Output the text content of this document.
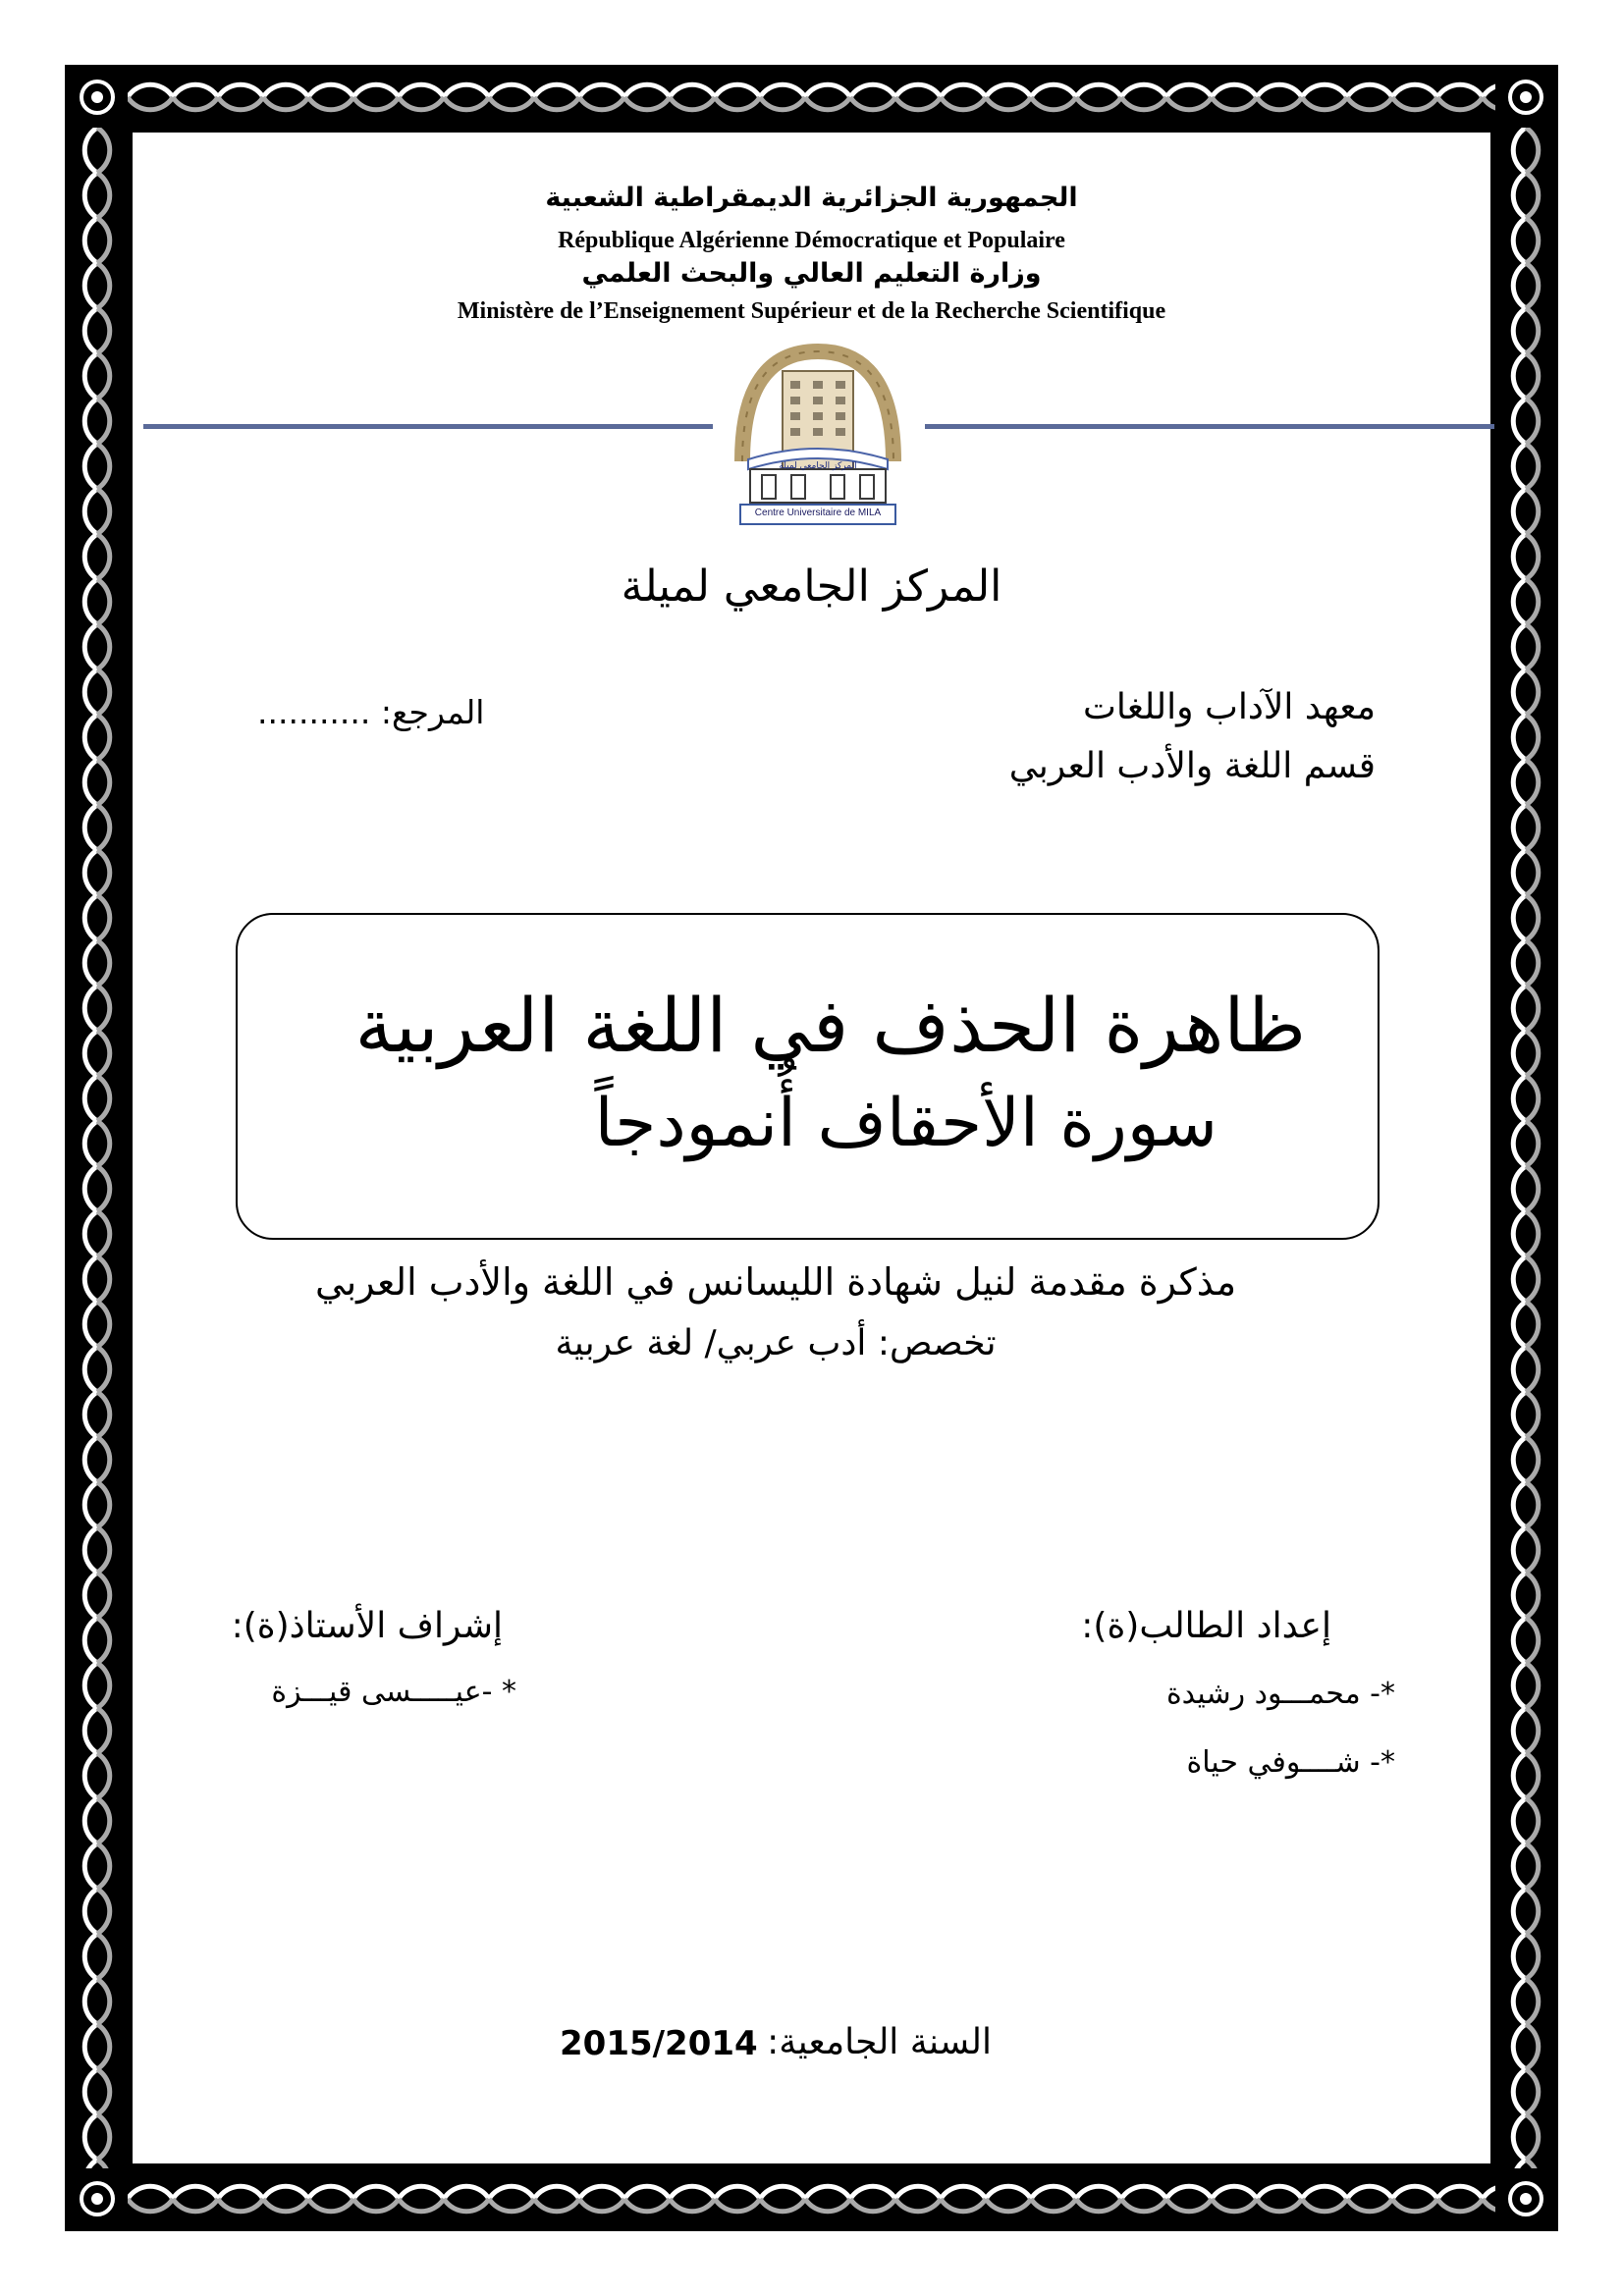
ﺍﻟﺠﻤﻬﻮﺭﻳﺔ ﺍﻟﺠﺰﺍﺋﺮﻳﺔ ﺍﻟﺪﻳﻤﻘﺮﺍﻃﻴﺔ ﺍﻟﺸﻌﺒﻴﺔ
République Algérienne Démocratique et Populaire
ﻭﺯﺍﺭﺓ ﺍﻟﺘﻌﻠﻴﻢ ﺍﻟﻌﺎﻟﻲ ﻭﺍﻟﺒﺤﺚ ﺍﻟﻌﻠﻤﻲ
Ministère de l’Enseignement Supérieur et de la Recherche Scientifique
Centre Universitaire de MILA
المركز الجامعي لميلة
المركز الجامعي لميلة
معهد الآداب واللغات
قسم اللغة والأدب العربي
المرجع: ...........
ظاهرة الحذف في اللغة العربية
سورة الأحقاف أُنمودجاً
مذكرة مقدمة لنيل شهادة الليسانس في اللغة والأدب العربي
تخصص: أدب عربي/ لغة عربية
إعداد الطالب(ة):
*- محمـــود رشيدة
*- شــــوفي حياة
إشراف الأستاذ(ة):
* -عيـــــسى قيـــزة
السنة الجامعية:
2015/2014
